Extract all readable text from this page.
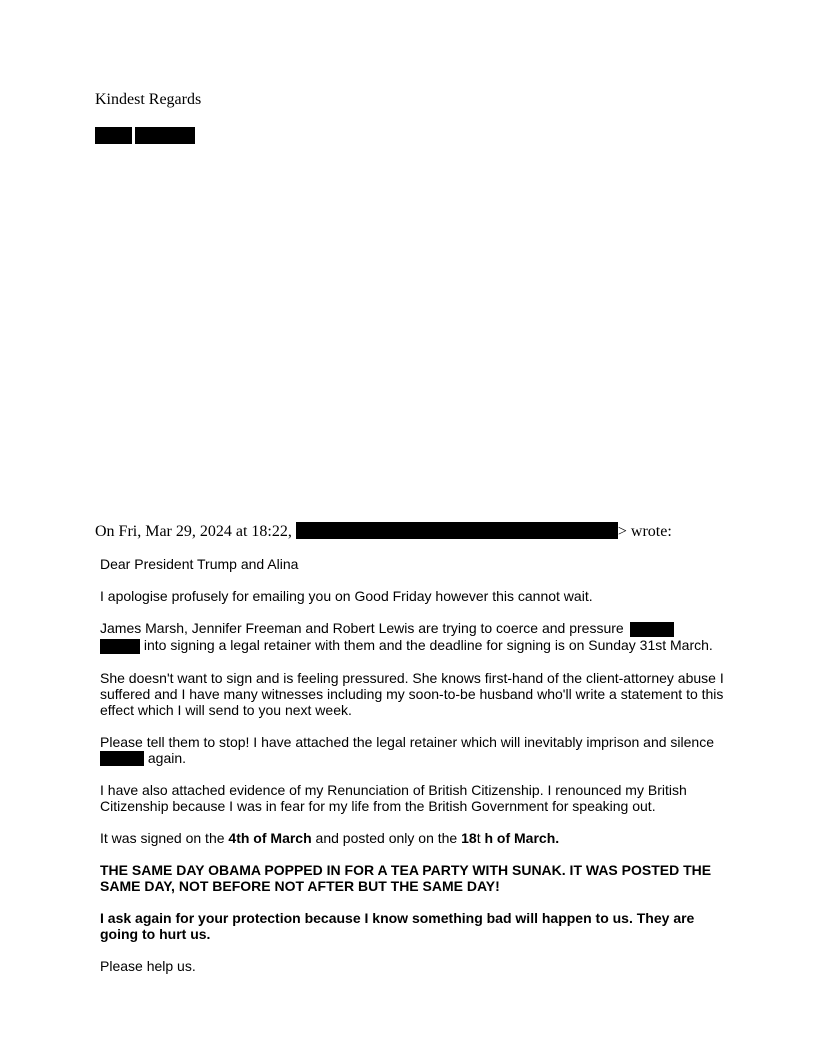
Kindest Regards
On Fri, Mar 29, 2024 at 18:22,	> wrote:

Dear President Trump and Alina

I apologise profusely for emailing you on Good Friday however this cannot wait.

James Marsh, Jennifer Freeman and Robert Lewis are trying to coerce and pressure
into signing a legal retainer with them and the deadline for signing is on Sunday 31st March.

She doesn't want to sign and is feeling pressured. She knows first-hand of the client-attorney abuse I suffered and I have many witnesses including my soon-to-be husband who'll write a statement to this effect which I will send to you next week.

Please tell them to stop! I have attached the legal retainer which will inevitably imprison and silence
again.

I have also attached evidence of my Renunciation of British Citizenship. I renounced my British Citizenship because I was in fear for my life from the British Government for speaking out.

It was signed on the 4th of March and posted only on the 18t h of March.

THE SAME DAY OBAMA POPPED IN FOR A TEA PARTY WITH SUNAK. IT WAS POSTED THE SAME DAY, NOT BEFORE NOT AFTER BUT THE SAME DAY!

I ask again for your protection because I know something bad will happen to us. They are going to hurt us.

Please help us.
